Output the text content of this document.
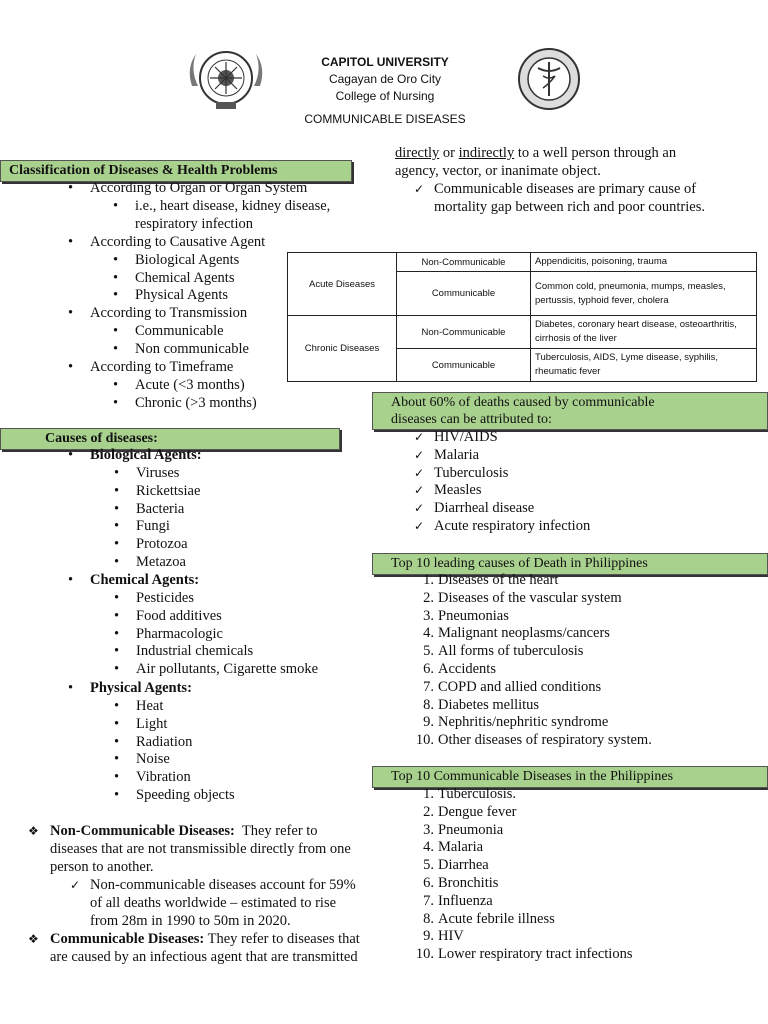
CAPITOL UNIVERSITY
Cagayan de Oro City
College of Nursing
COMMUNICABLE DISEASES
Classification of Diseases & Health Problems
• According to Organ or Organ System
• i.e., heart disease, kidney disease,
respiratory infection
• According to Causative Agent
• Biological Agents
• Chemical Agents
• Physical Agents
• According to Transmission
• Communicable
• Non communicable
• According to Timeframe
• Acute (<3 months)
• Chronic (>3 months)
Causes of diseases:
• Biological Agents:
• Viruses
• Rickettsiae
• Bacteria
• Fungi
• Protozoa
• Metazoa
• Chemical Agents:
• Pesticides
• Food additives
• Pharmacologic
• Industrial chemicals
• Air pollutants, Cigarette smoke
• Physical Agents:
• Heat
• Light
• Radiation
• Noise
• Vibration
• Speeding objects
❖ Non-Communicable Diseases: They refer to
diseases that are not transmissible directly from one
person to another.
✓ Non-communicable diseases account for 59%
of all deaths worldwide – estimated to rise
from 28m in 1990 to 50m in 2020.
❖ Communicable Diseases: They refer to diseases that
are caused by an infectious agent that are transmitted
directly or indirectly to a well person through an
agency, vector, or inanimate object.
✓ Communicable diseases are primary cause of
mortality gap between rich and poor countries.
Acute Diseases	Non-Communicable	Appendicitis, poisoning, trauma
	Communicable	Common cold, pneumonia, mumps, measles, pertussis, typhoid fever, cholera
Chronic Diseases	Non-Communicable	Diabetes, coronary heart disease, osteoarthritis, cirrhosis of the liver
	Communicable	Tuberculosis, AIDS, Lyme disease, syphilis, rheumatic fever
About 60% of deaths caused by communicable
diseases can be attributed to:
✓ HIV/AIDS
✓ Malaria
✓ Tuberculosis
✓ Measles
✓ Diarrheal disease
✓ Acute respiratory infection
Top 10 leading causes of Death in Philippines
1. Diseases of the heart
2. Diseases of the vascular system
3. Pneumonias
4. Malignant neoplasms/cancers
5. All forms of tuberculosis
6. Accidents
7. COPD and allied conditions
8. Diabetes mellitus
9. Nephritis/nephritic syndrome
10. Other diseases of respiratory system.
Top 10 Communicable Diseases in the Philippines
1. Tuberculosis.
2. Dengue fever
3. Pneumonia
4. Malaria
5. Diarrhea
6. Bronchitis
7. Influenza
8. Acute febrile illness
9. HIV
10. Lower respiratory tract infections
